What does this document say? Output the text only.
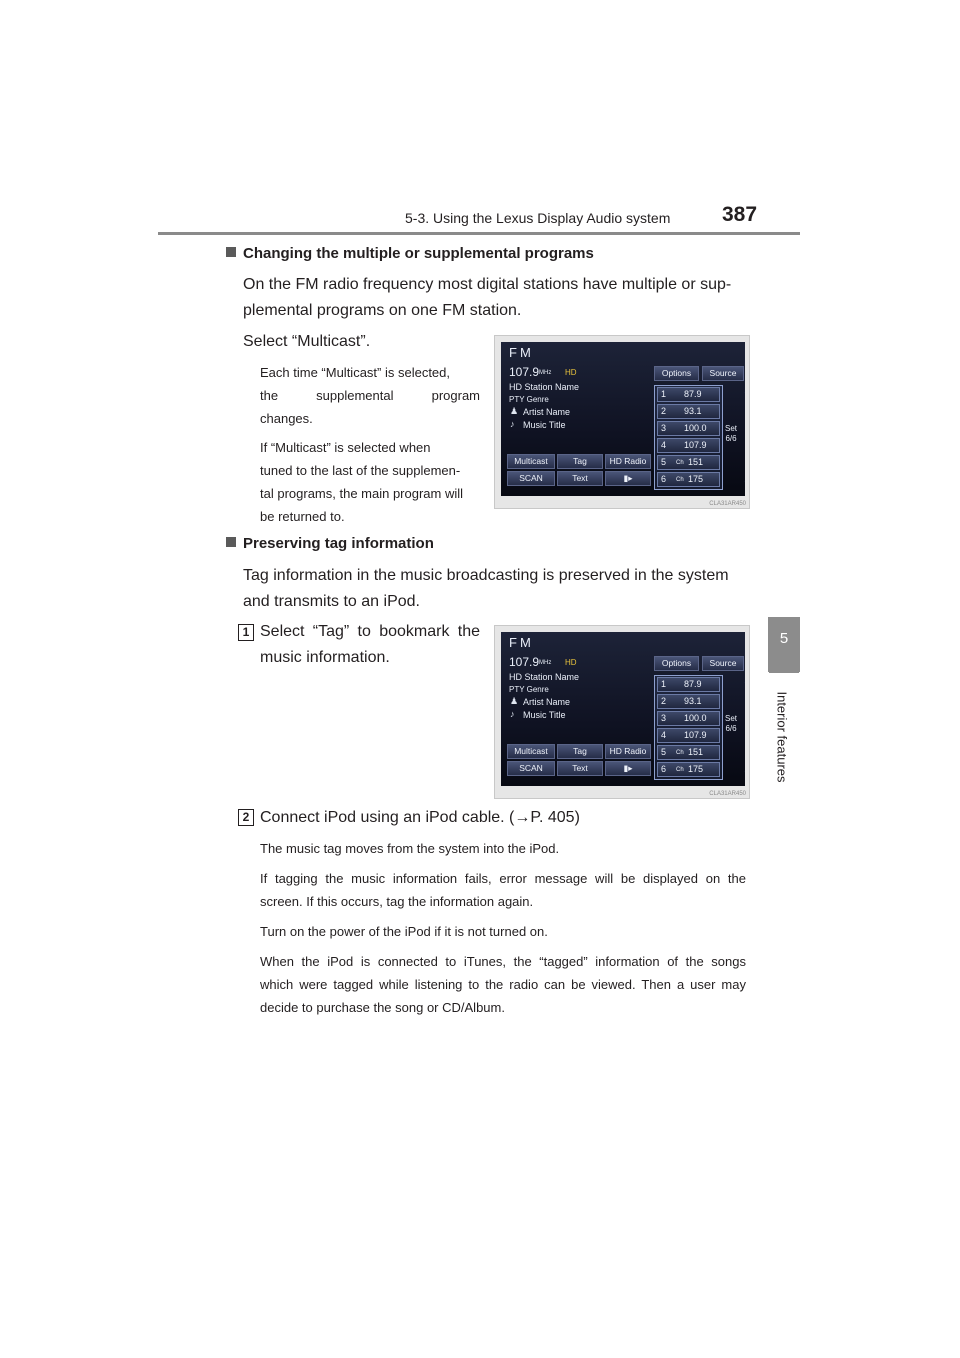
5-3. Using the Lexus Display Audio system 387
5
Interior features
Changing the multiple or supplemental programs
On the FM radio frequency most digital stations have multiple or sup-
plemental programs on one FM station.
Select “Multicast”.
Each time “Multicast” is selected,
the supplemental program
changes.
If “Multicast” is selected when
tuned to the last of the supplemen-
tal programs, the main program will
be returned to.
FM
107.9 MHz HD
HD Station Name
PTY Genre
♟ Artist Name
♪ Music Title
Options	Source
Multicast	Tag	HD Radio
SCAN	Text	▮▸
1 87.9
2 93.1
3 100.0
4 107.9
5 Ch 151
6 Ch 175
Set
6/6
CLA31AR450
Preserving tag information
Tag information in the music broadcasting is preserved in the system
and transmits to an iPod.
1 Select “Tag” to bookmark the
music information.
FM
107.9 MHz HD
HD Station Name
PTY Genre
♟ Artist Name
♪ Music Title
Options	Source
Multicast	Tag	HD Radio
SCAN	Text	▮▸
1 87.9
2 93.1
3 100.0
4 107.9
5 Ch 151
6 Ch 175
Set
6/6
CLA31AR450
2 Connect iPod using an iPod cable. (→P. 405)
The music tag moves from the system into the iPod.
If tagging the music information fails, error message will be displayed on the
screen. If this occurs, tag the information again.
Turn on the power of the iPod if it is not turned on.
When the iPod is connected to iTunes, the “tagged” information of the songs
which were tagged while listening to the radio can be viewed. Then a user may
decide to purchase the song or CD/Album.
